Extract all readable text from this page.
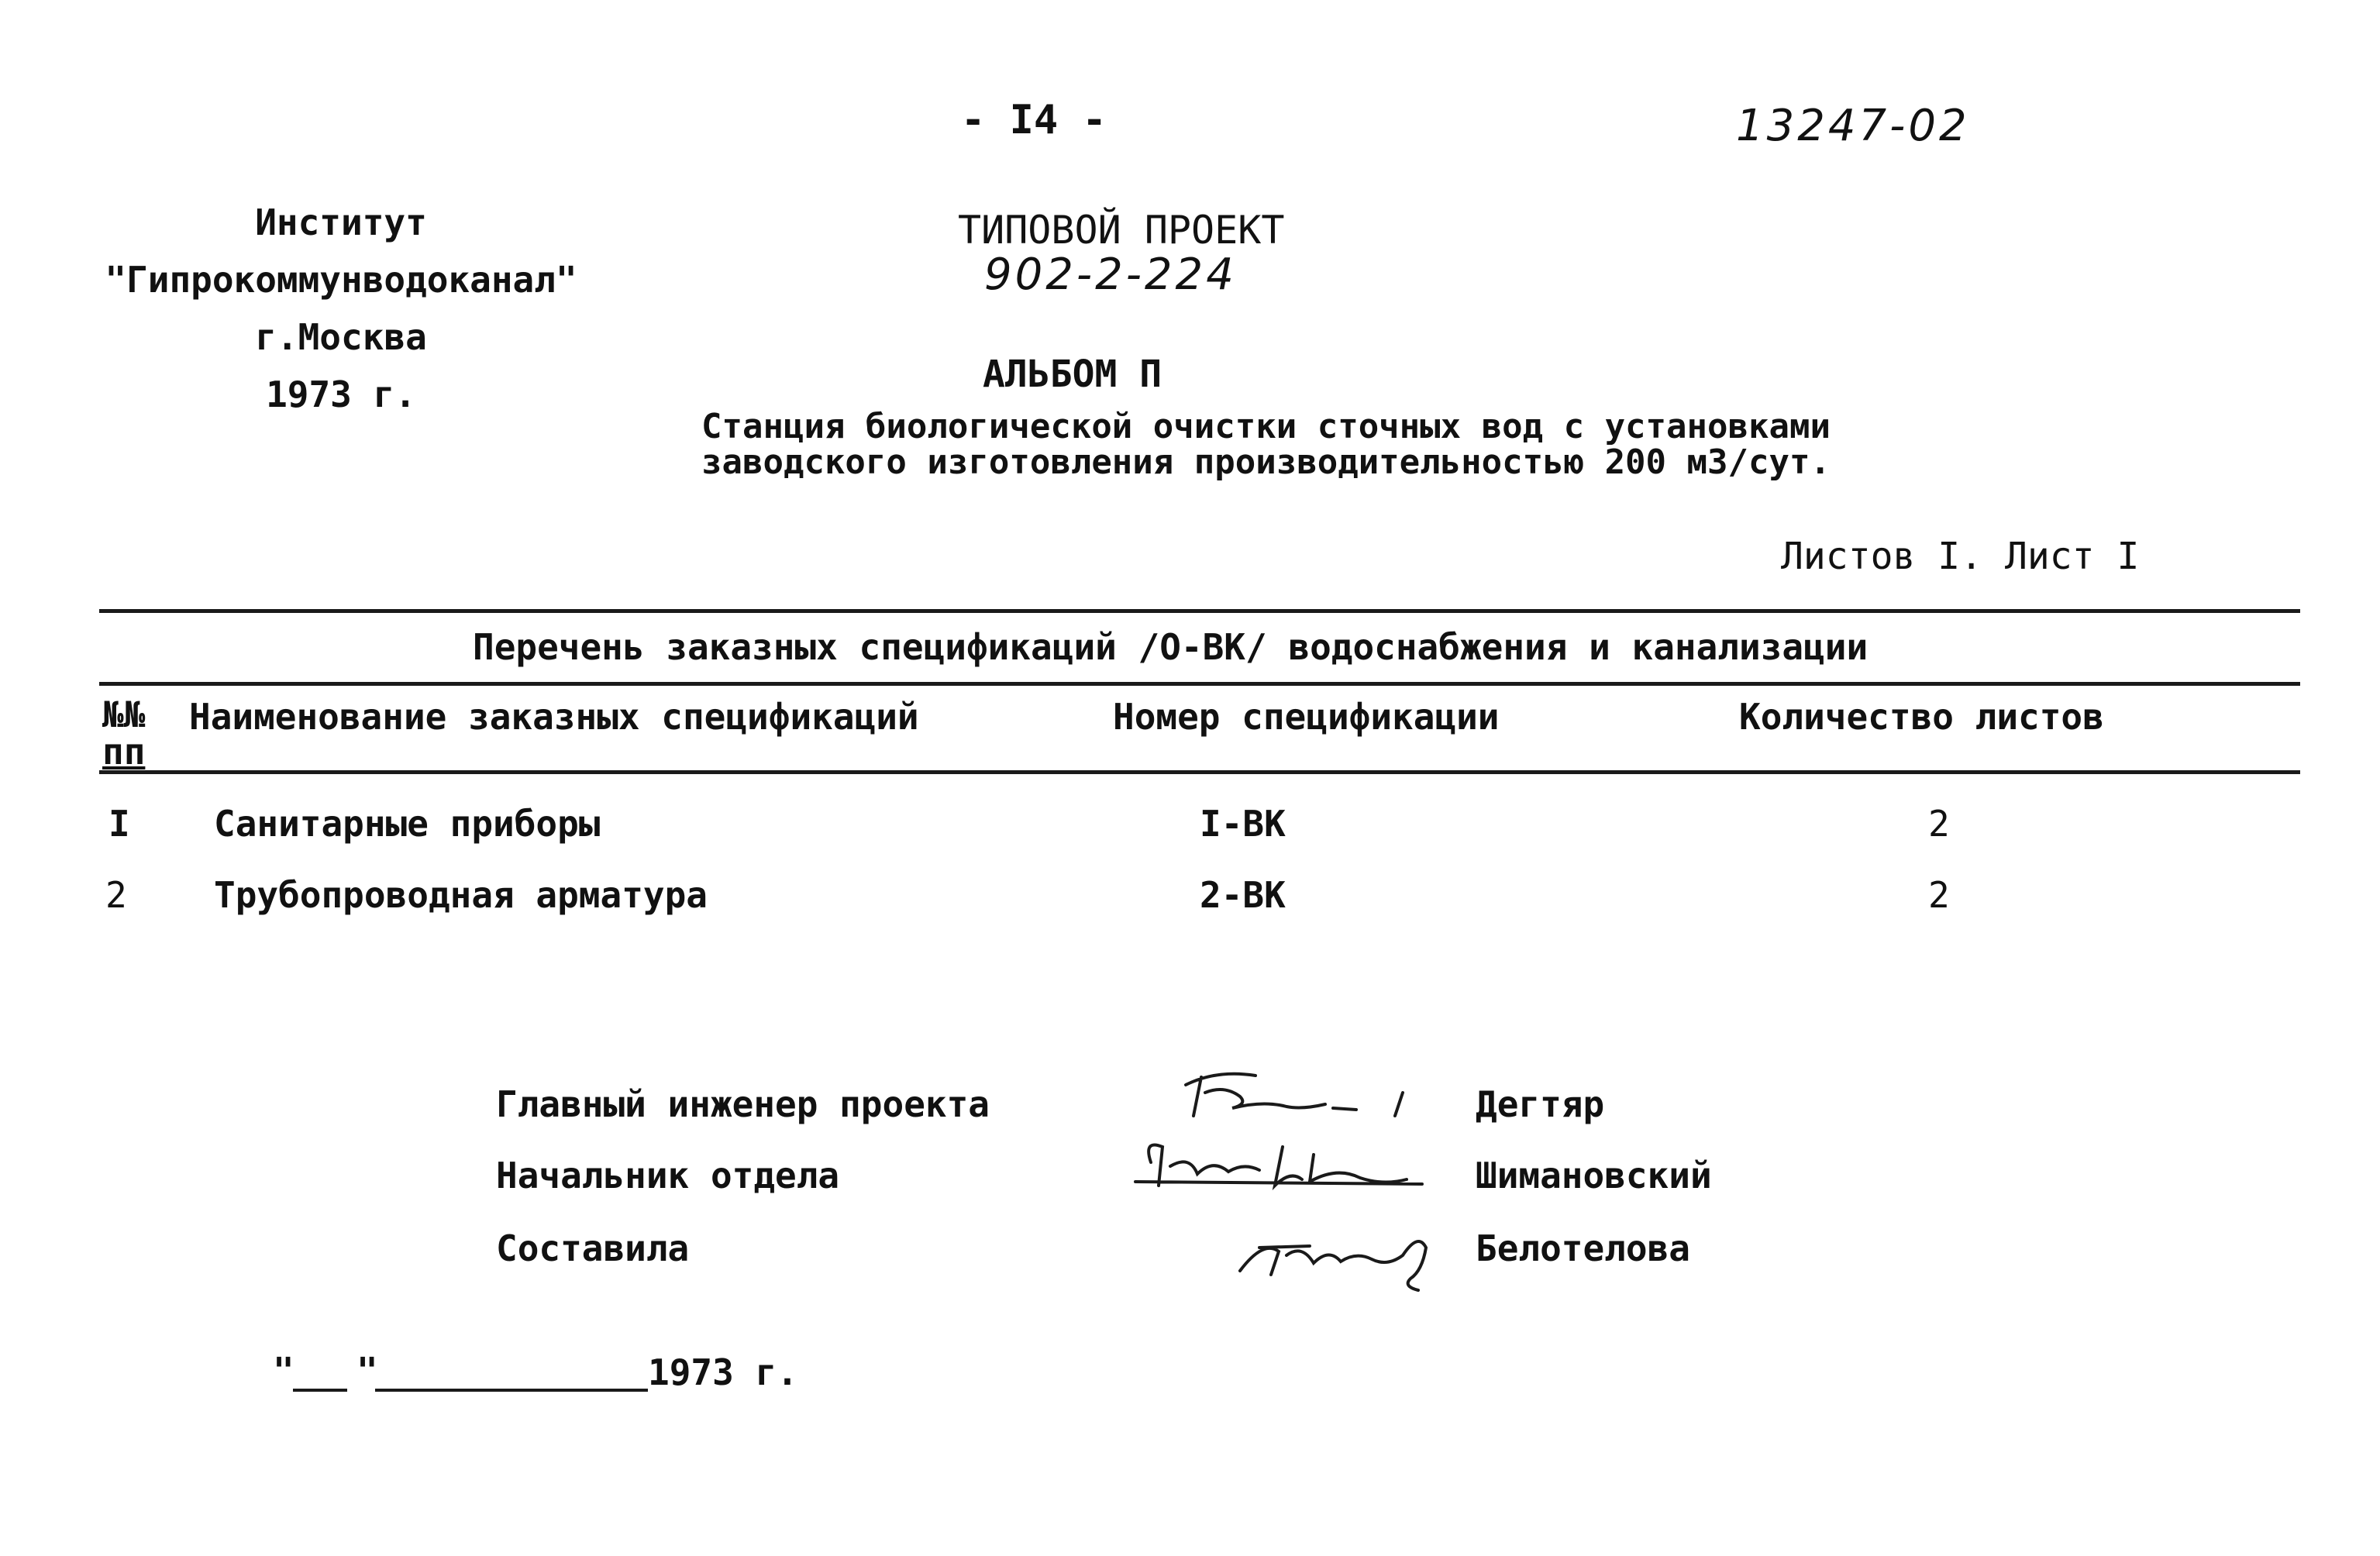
- I4 -	13247-02
Институт
"Гипрокоммунводоканал"
г.Москва
1973 г.
ТИПОВОЙ ПРОЕКТ
902-2-224
АЛЬБОМ П
Станция биологической очистки сточных вод с установками
заводского изготовления производительностью 200 м3/сут.
Листов I. Лист I
Перечень заказных спецификаций /О-ВК/ водоснабжения и канализации
№№
пп
Наименование заказных спецификаций	Номер спецификации	Количество листов
I Санитарные приборы	I-ВК	2
2 Трубопроводная арматура	2-ВК	2
Главный инженер проекта
Начальник отдела
Составила
Дегтяр
Шимановский
Белотелова
" "	1973 г.
